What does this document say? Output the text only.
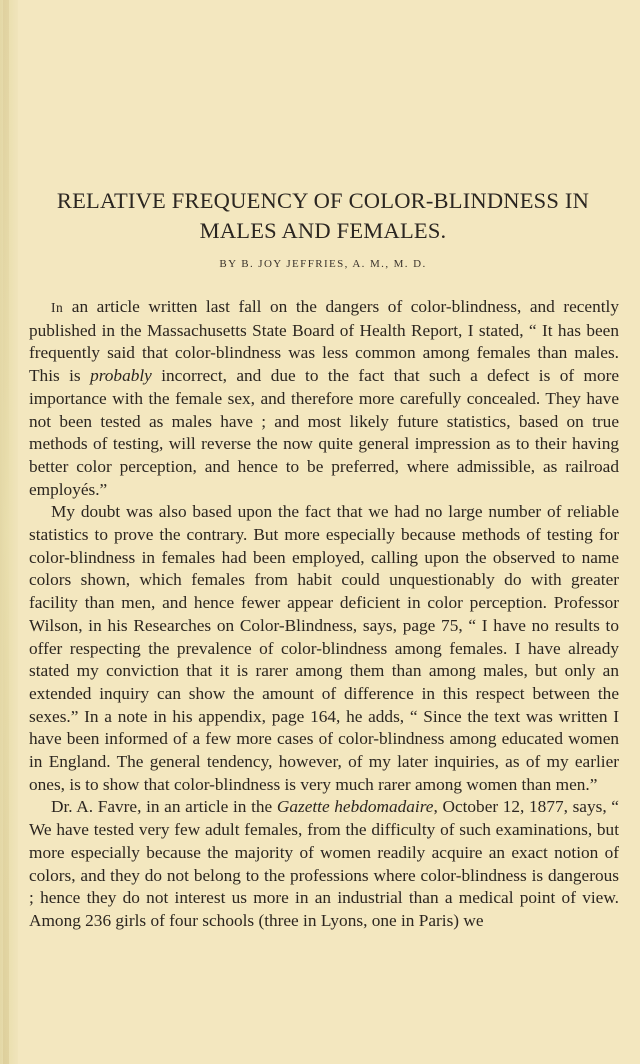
RELATIVE FREQUENCY OF COLOR-BLINDNESS IN
MALES AND FEMALES.
BY B. JOY JEFFRIES, A. M., M. D.

In an article written last fall on the dangers of color-blindness, and recently published in the Massachusetts State Board of Health Report, I stated, “ It has been frequently said that color-blindness was less common among females than males. This is probably incorrect, and due to the fact that such a defect is of more importance with the female sex, and therefore more carefully concealed. They have not been tested as males have ; and most likely future statistics, based on true methods of testing, will reverse the now quite general impression as to their having better color perception, and hence to be preferred, where admissible, as railroad employés.”

My doubt was also based upon the fact that we had no large number of reliable statistics to prove the contrary. But more especially because methods of testing for color-blindness in females had been employed, calling upon the observed to name colors shown, which females from habit could unquestionably do with greater facility than men, and hence fewer appear deficient in color perception. Professor Wilson, in his Researches on Color-Blindness, says, page 75, “ I have no results to offer respecting the prevalence of color-blindness among females. I have already stated my conviction that it is rarer among them than among males, but only an extended inquiry can show the amount of difference in this respect between the sexes.” In a note in his appendix, page 164, he adds, “ Since the text was written I have been informed of a few more cases of color-blindness among educated women in England. The general tendency, however, of my later inquiries, as of my earlier ones, is to show that color-blindness is very much rarer among women than men.”

Dr. A. Favre, in an article in the Gazette hebdomadaire, October 12, 1877, says, “ We have tested very few adult females, from the difficulty of such examinations, but more especially because the majority of women readily acquire an exact notion of colors, and they do not belong to the professions where color-blindness is dangerous ; hence they do not interest us more in an industrial than a medical point of view. Among 236 girls of four schools (three in Lyons, one in Paris) we
